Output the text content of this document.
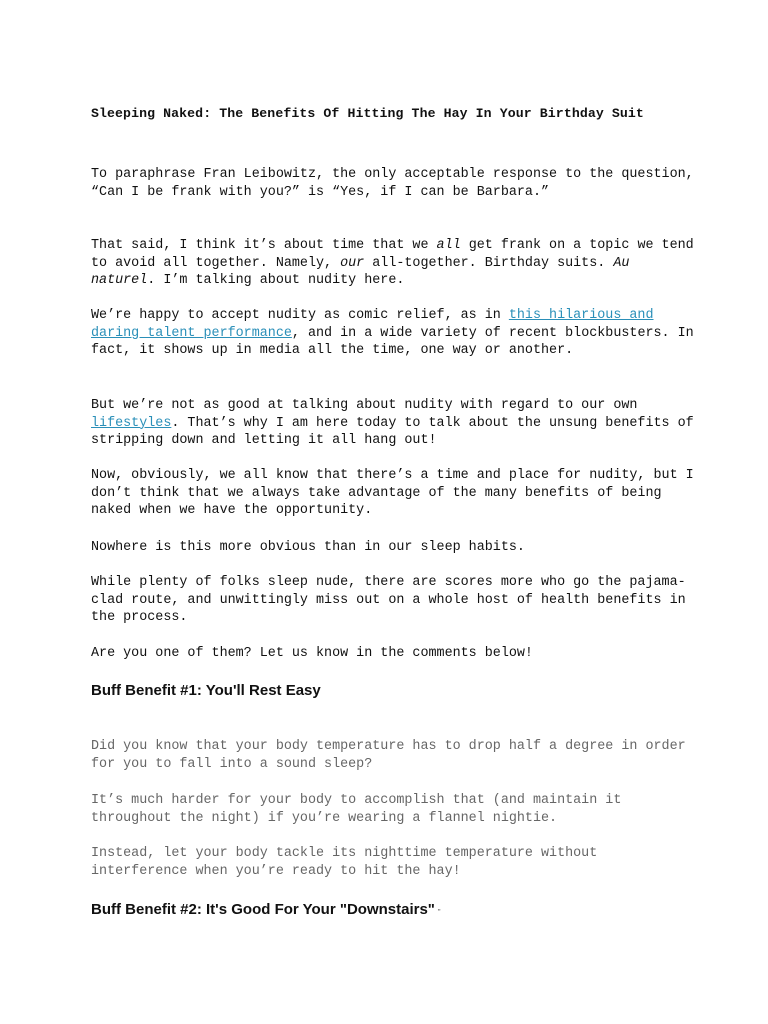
Sleeping Naked: The Benefits Of Hitting The Hay In Your Birthday Suit

To paraphrase Fran Leibowitz, the only acceptable response to the question, “Can I be frank with you?” is “Yes, if I can be Barbara.”

That said, I think it’s about time that we all get frank on a topic we tend to avoid all together. Namely, our all-together. Birthday suits. Au naturel. I’m talking about nudity here.

We’re happy to accept nudity as comic relief, as in this hilarious and daring talent performance, and in a wide variety of recent blockbusters. In fact, it shows up in media all the time, one way or another.

But we’re not as good at talking about nudity with regard to our own lifestyles. That’s why I am here today to talk about the unsung benefits of stripping down and letting it all hang out!

Now, obviously, we all know that there’s a time and place for nudity, but I don’t think that we always take advantage of the many benefits of being naked when we have the opportunity.

Nowhere is this more obvious than in our sleep habits.

While plenty of folks sleep nude, there are scores more who go the pajama-clad route, and unwittingly miss out on a whole host of health benefits in the process.

Are you one of them? Let us know in the comments below!

Buff Benefit #1: You'll Rest Easy

Did you know that your body temperature has to drop half a degree in order for you to fall into a sound sleep?

It’s much harder for your body to accomplish that (and maintain it throughout the night) if you’re wearing a flannel nightie.

Instead, let your body tackle its nighttime temperature without interference when you’re ready to hit the hay!

Buff Benefit #2: It's Good For Your "Downstairs" "
